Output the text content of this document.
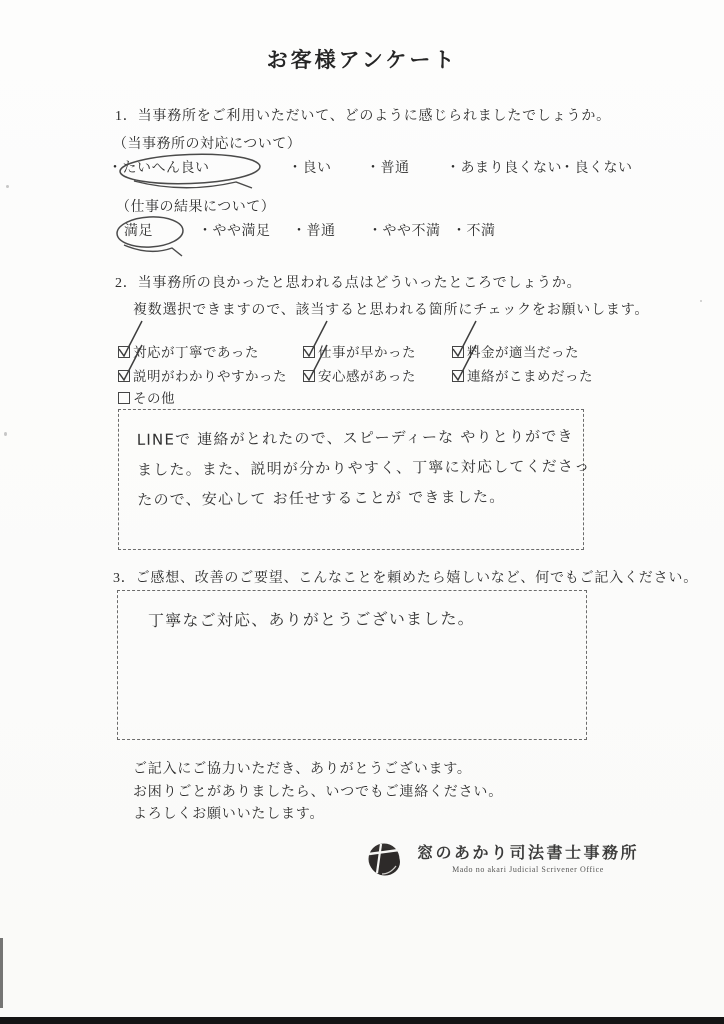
お客様アンケート
1．当事務所をご利用いただいて、どのように感じられましたでしょうか。
（当事務所の対応について）
・たいへん良い	・良い ・普通	・あまり良くない
・良くない
（仕事の結果について）
満足	・やや満足 ・普通 ・やや不満 ・不満
2．当事務所の良かったと思われる点はどういったところでしょうか。
複数選択できますので、該当すると思われる箇所にチェックをお願いします。
対応が丁寧であった	仕事が早かった	料金が適当だった
説明がわかりやすかった	安心感があった	連絡がこまめだった
その他
LINEで 連絡がとれたので、スピーディーな やりとりができ
ました。また、説明が分かりやすく、丁寧に対応してくださっ
たので、安心して お任せすることが できました。
3．ご感想、改善のご要望、こんなことを頼めたら嬉しいなど、何でもご記入ください。
丁寧なご対応、ありがとうございました。
ご記入にご協力いただき、ありがとうございます。
お困りごとがありましたら、いつでもご連絡ください。
よろしくお願いいたします。
窓のあかり司法書士事務所
Mado no akari Judicial Scrivener Office
